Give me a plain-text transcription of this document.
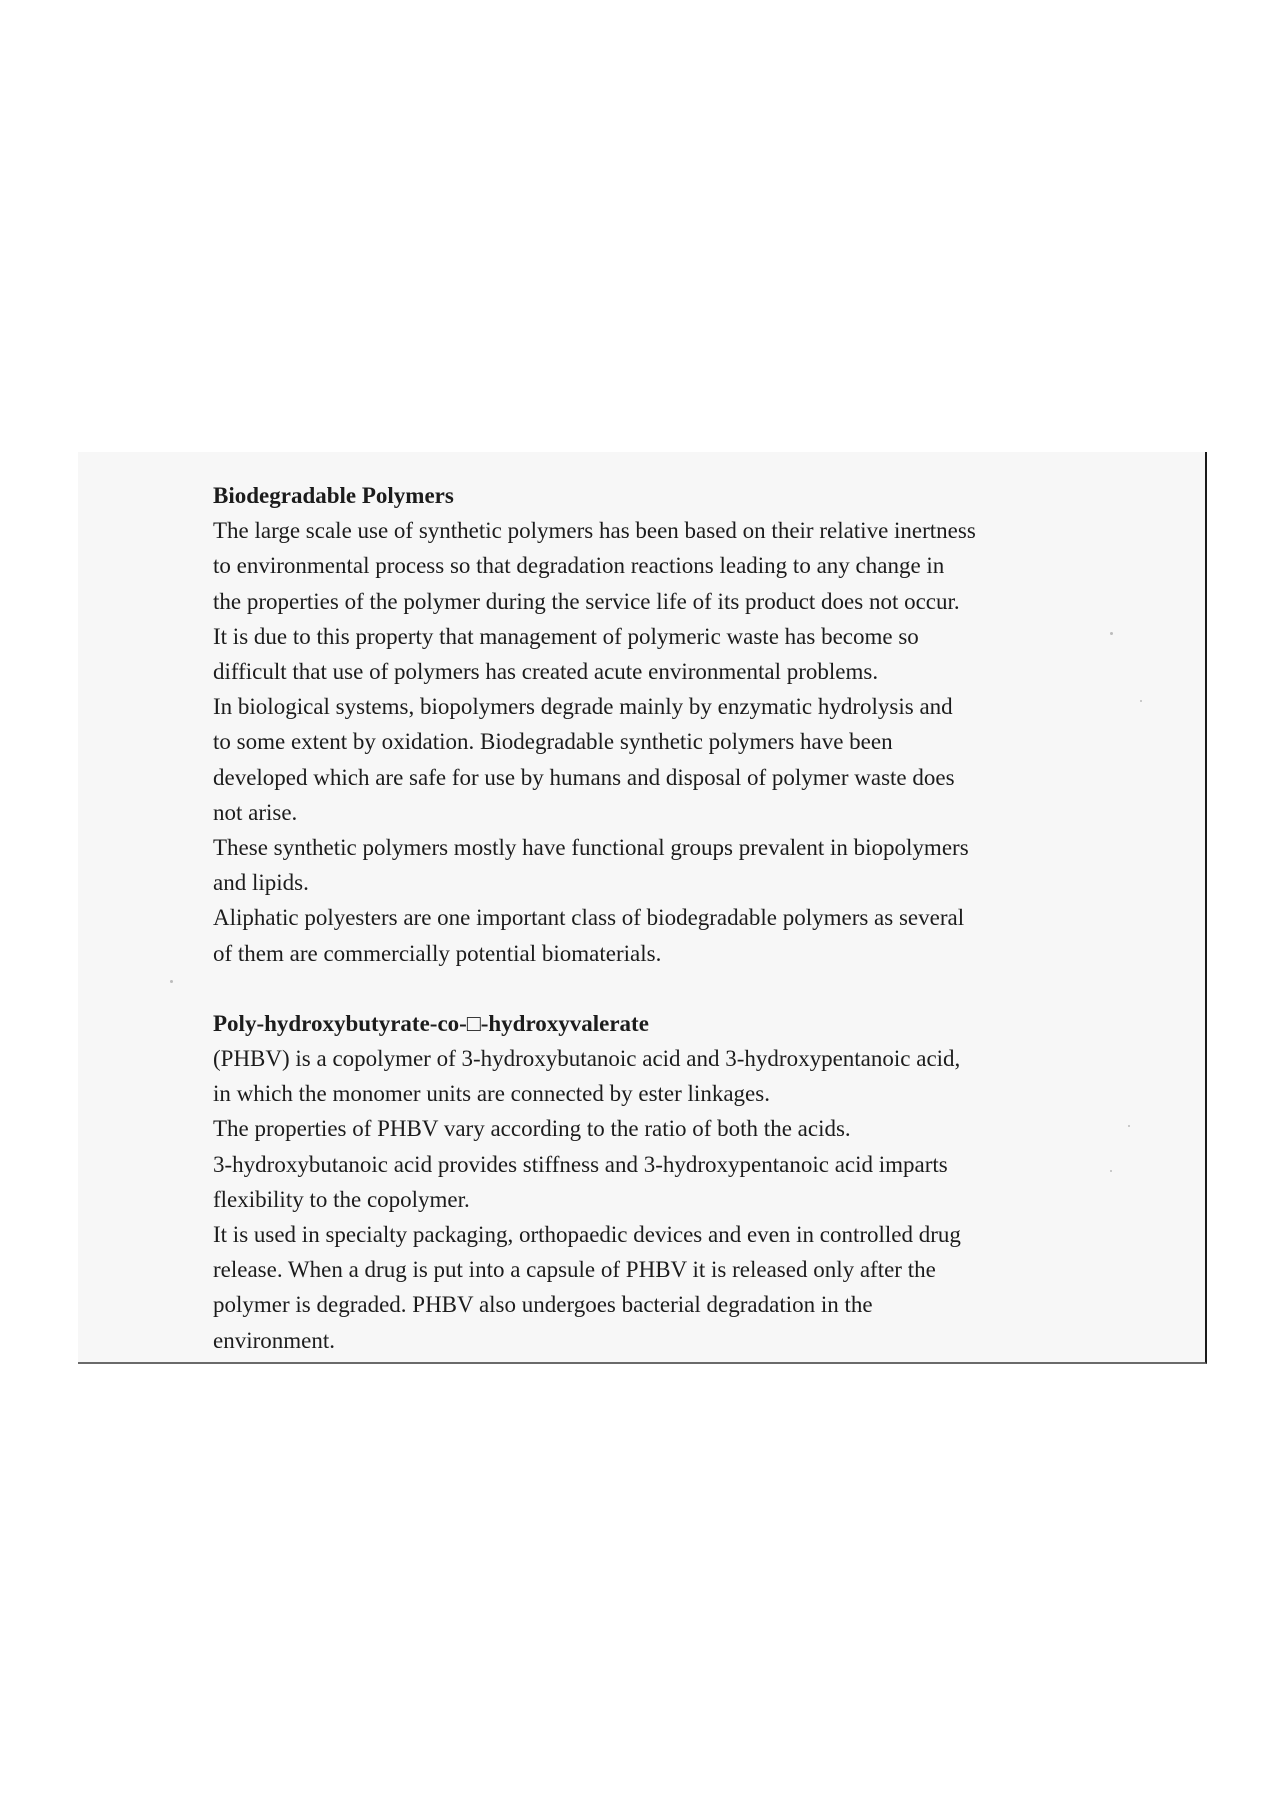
Biodegradable Polymers
The large scale use of synthetic polymers has been based on their relative inertness
to environmental process so that degradation reactions leading to any change in
the properties of the polymer during the service life of its product does not occur.
It is due to this property that management of polymeric waste has become so
difficult that use of polymers has created acute environmental problems.
In biological systems, biopolymers degrade mainly by enzymatic hydrolysis and
to some extent by oxidation. Biodegradable synthetic polymers have been
developed which are safe for use by humans and disposal of polymer waste does
not arise.
These synthetic polymers mostly have functional groups prevalent in biopolymers
and lipids.
Aliphatic polyesters are one important class of biodegradable polymers as several
of them are commercially potential biomaterials.
Poly-hydroxybutyrate-co-□-hydroxyvalerate
(PHBV) is a copolymer of 3-hydroxybutanoic acid and 3-hydroxypentanoic acid,
in which the monomer units are connected by ester linkages.
The properties of PHBV vary according to the ratio of both the acids.
3-hydroxybutanoic acid provides stiffness and 3-hydroxypentanoic acid imparts
flexibility to the copolymer.
It is used in specialty packaging, orthopaedic devices and even in controlled drug
release. When a drug is put into a capsule of PHBV it is released only after the
polymer is degraded. PHBV also undergoes bacterial degradation in the
environment.
